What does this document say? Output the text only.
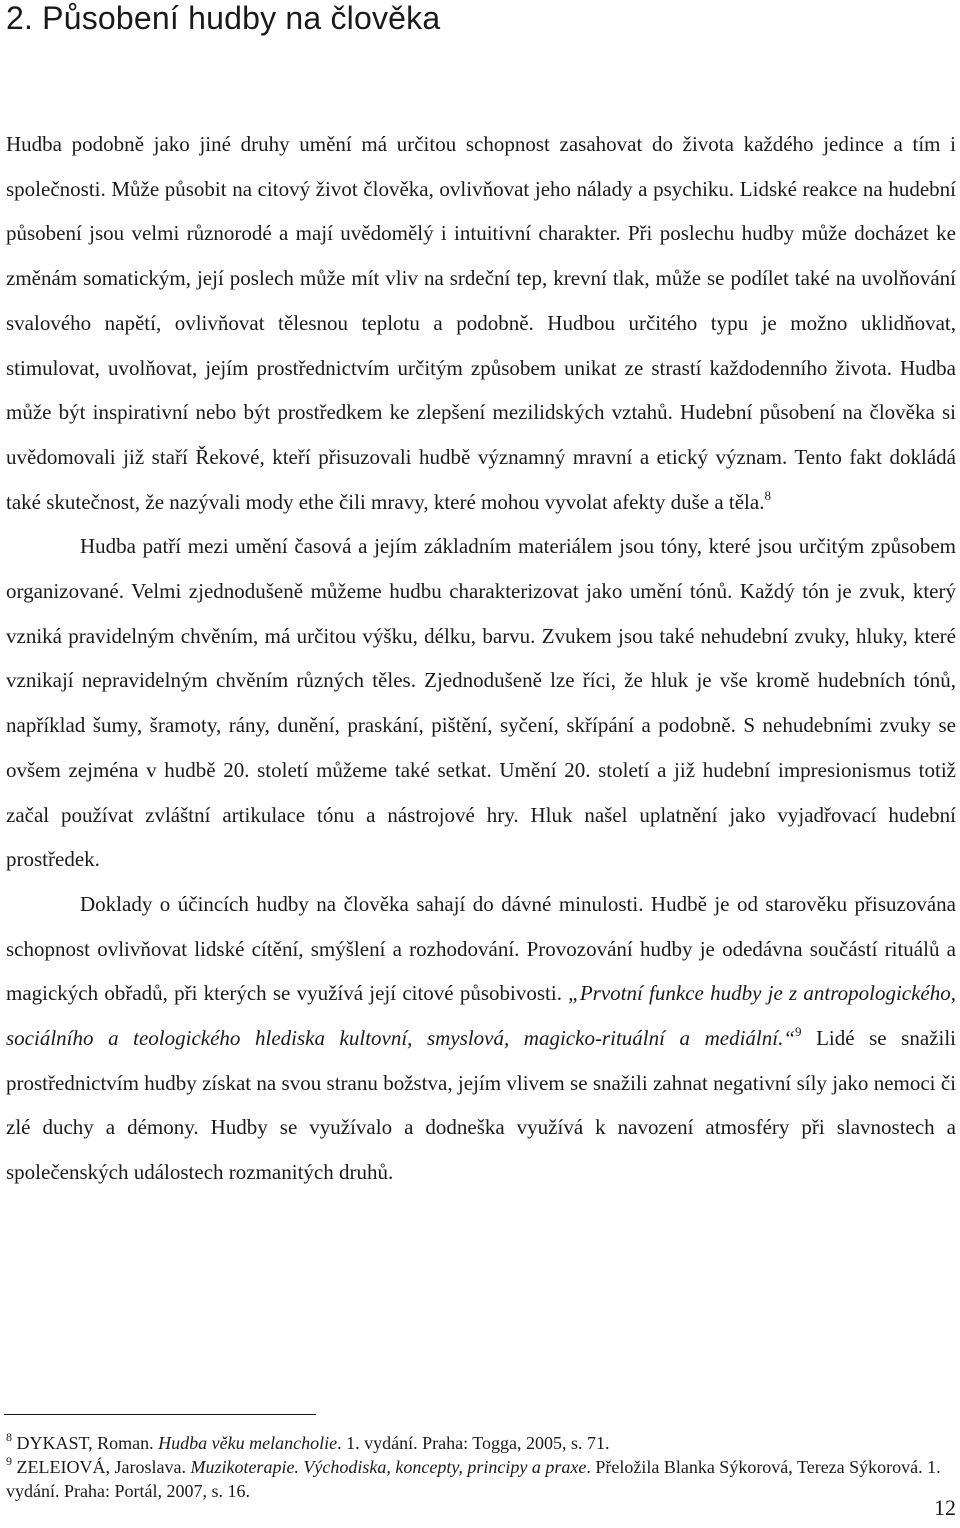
2. Působení hudby na člověka

Hudba podobně jako jiné druhy umění má určitou schopnost zasahovat do života každého jedince a tím i společnosti. Může působit na citový život člověka, ovlivňovat jeho nálady a psychiku. Lidské reakce na hudební působení jsou velmi různorodé a mají uvědomělý i intuitivní charakter. Při poslechu hudby může docházet ke změnám somatickým, její poslech může mít vliv na srdeční tep, krevní tlak, může se podílet také na uvolňování svalového napětí, ovlivňovat tělesnou teplotu a podobně. Hudbou určitého typu je možno uklidňovat, stimulovat, uvolňovat, jejím prostřednictvím určitým způsobem unikat ze strastí každodenního života. Hudba může být inspirativní nebo být prostředkem ke zlepšení mezilidských vztahů. Hudební působení na člověka si uvědomovali již staří Řekové, kteří přisuzovali hudbě významný mravní a etický význam. Tento fakt dokládá také skutečnost, že nazývali mody ethe čili mravy, které mohou vyvolat afekty duše a těla.$^8$

Hudba patří mezi umění časová a jejím základním materiálem jsou tóny, které jsou určitým způsobem organizované. Velmi zjednodušeně můžeme hudbu charakterizovat jako umění tónů. Každý tón je zvuk, který vzniká pravidelným chvěním, má určitou výšku, délku, barvu. Zvukem jsou také nehudební zvuky, hluky, které vznikají nepravidelným chvěním různých těles. Zjednodušeně lze říci, že hluk je vše kromě hudebních tónů, například šumy, šramoty, rány, dunění, praskání, pištění, syčení, skřípání a podobně. S nehudebními zvuky se ovšem zejména v hudbě 20. století můžeme také setkat. Umění 20. století a již hudební impresionismus totiž začal používat zvláštní artikulace tónu a nástrojové hry. Hluk našel uplatnění jako vyjadřovací hudební prostředek.

Doklady o účincích hudby na člověka sahají do dávné minulosti. Hudbě je od starověku přisuzována schopnost ovlivňovat lidské cítění, smýšlení a rozhodování. Provozování hudby je odedávna součástí rituálů a magických obřadů, při kterých se využívá její citové působivosti. „Prvotní funkce hudby je z antropologického, sociálního a teologického hlediska kultovní, smyslová, magicko-rituální a mediální.“$^9$ Lidé se snažili prostřednictvím hudby získat na svou stranu božstva, jejím vlivem se snažili zahnat negativní síly jako nemoci či zlé duchy a démony. Hudby se využívalo a dodneška využívá k navození atmosféry při slavnostech a společenských událostech rozmanitých druhů.

$^8$ DYKAST, Roman. Hudba věku melancholie. 1. vydání. Praha: Togga, 2005, s. 71.

$^9$ ZELEIOVÁ, Jaroslava. Muzikoterapie. Východiska, koncepty, principy a praxe. Přeložila Blanka Sýkorová, Tereza Sýkorová. 1. vydání. Praha: Portál, 2007, s. 16.

12
